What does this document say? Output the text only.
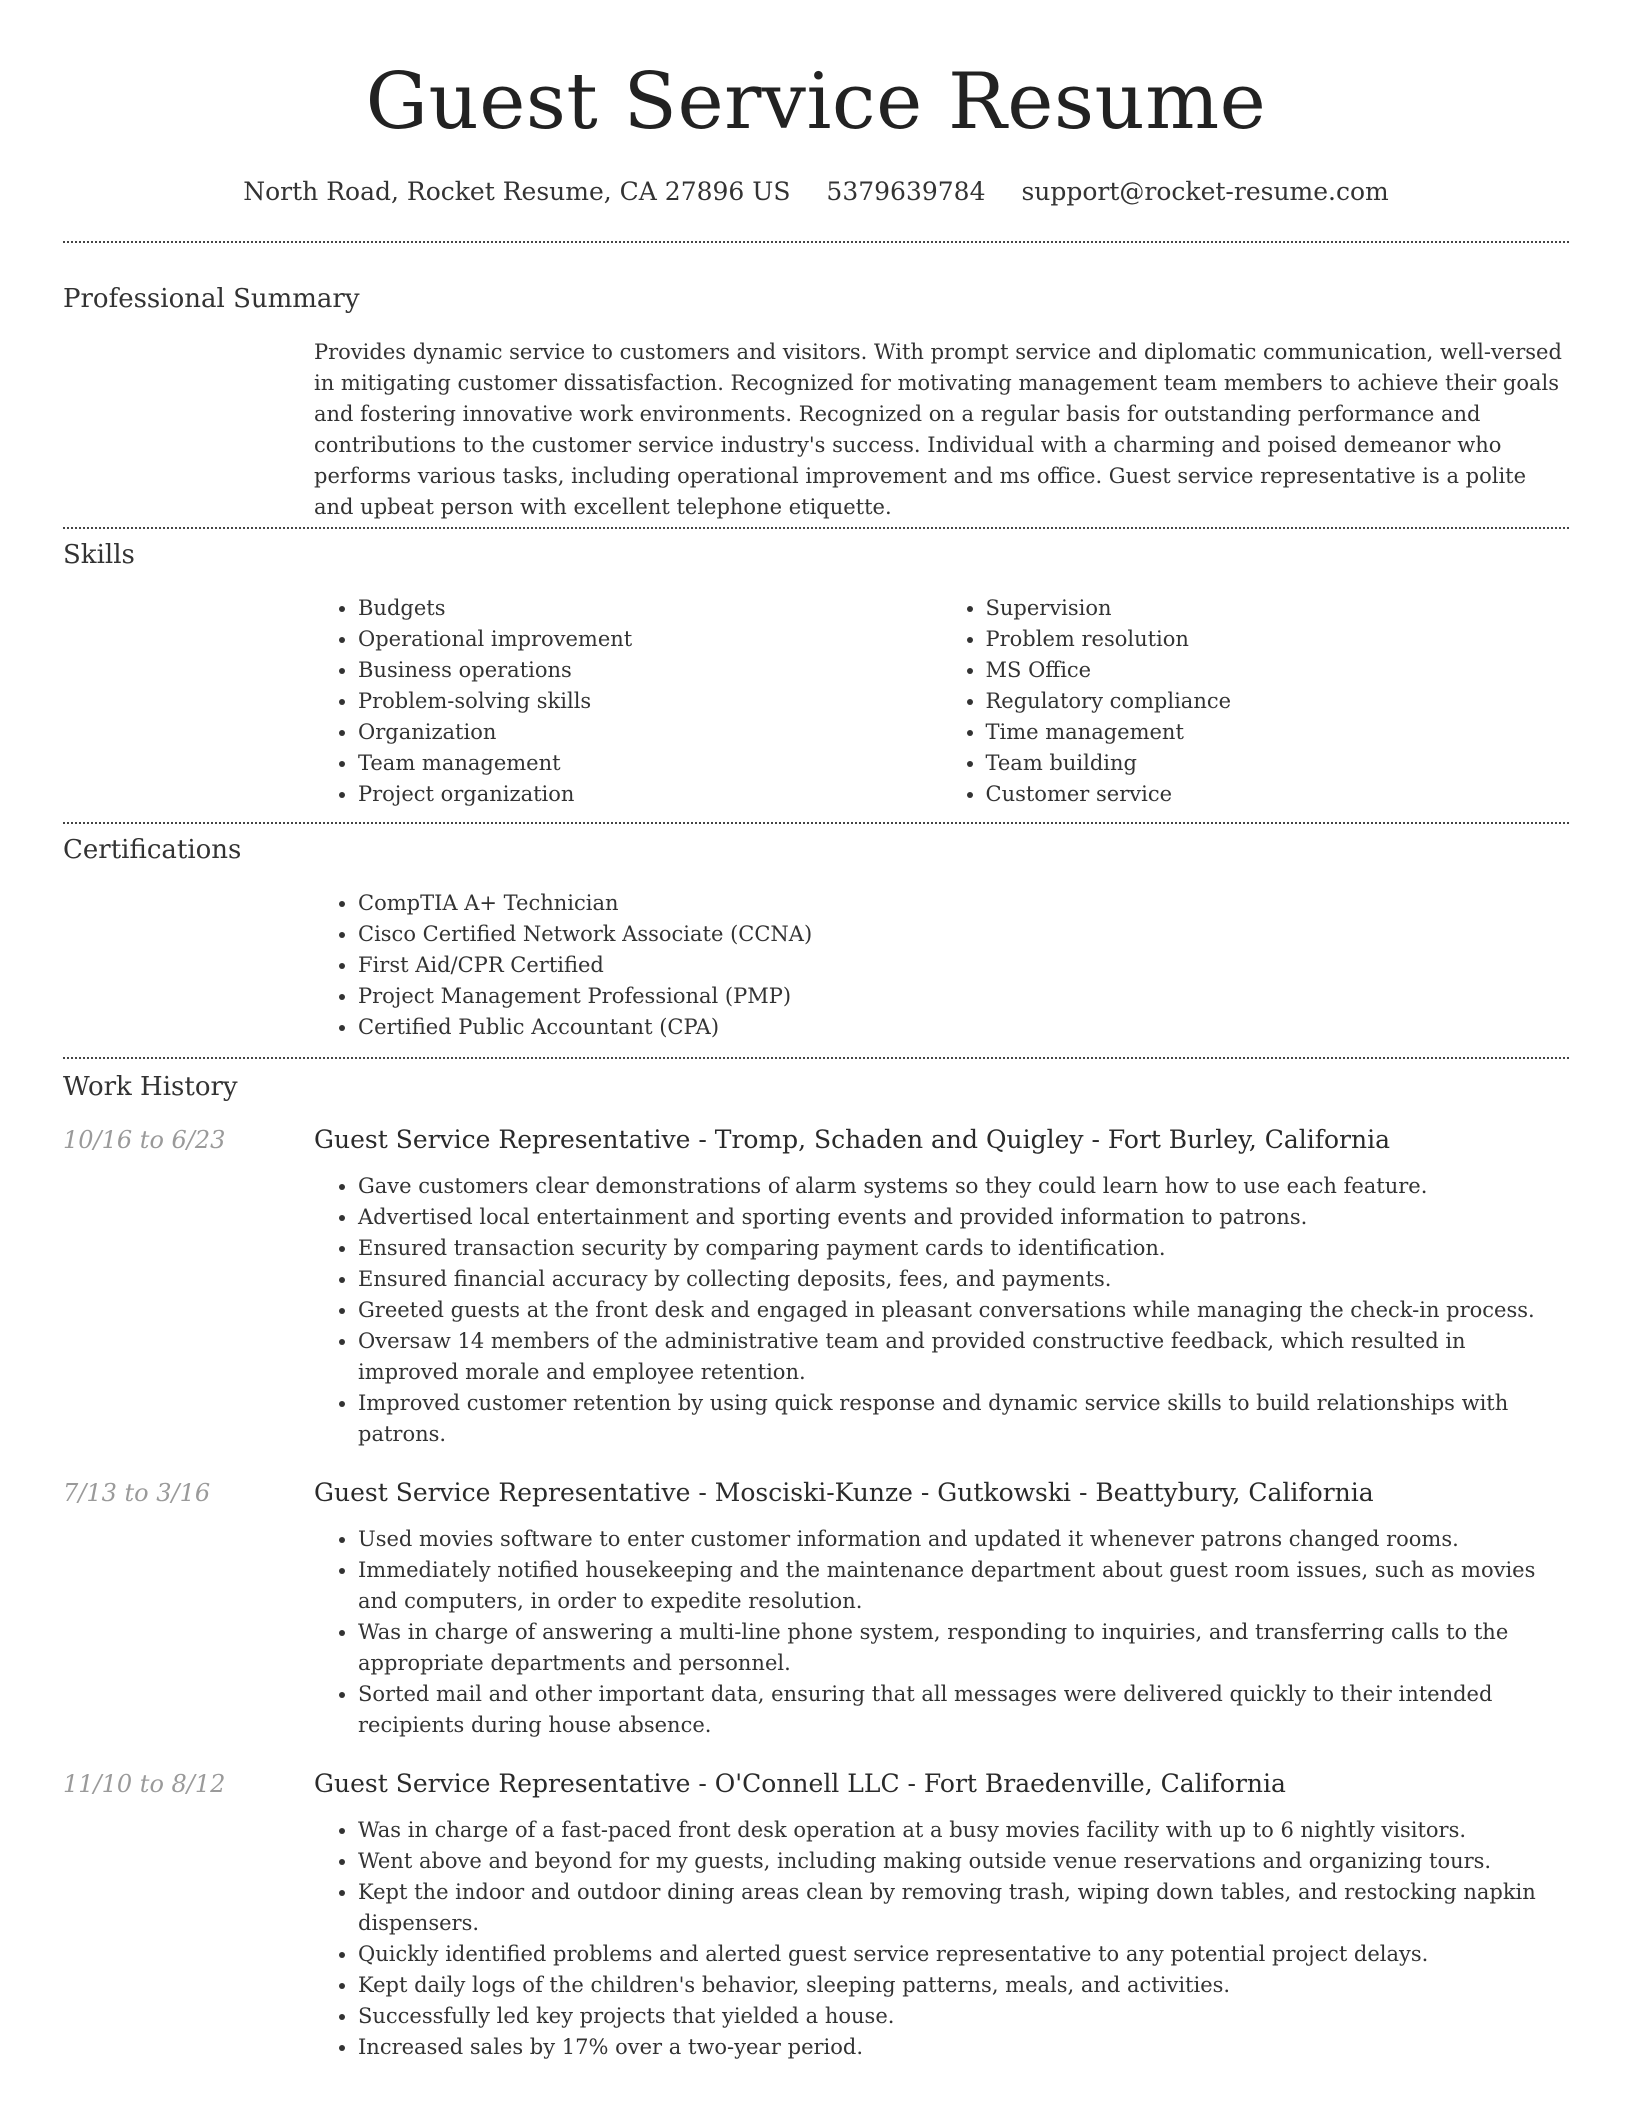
Guest Service Resume
North Road, Rocket Resume, CA 27896 US 5379639784 support@rocket-resume.com
Professional Summary

Provides dynamic service to customers and visitors. With prompt service and diplomatic communication, well-versed in mitigating customer dissatisfaction. Recognized for motivating management team members to achieve their goals and fostering innovative work environments. Recognized on a regular basis for outstanding performance and contributions to the customer service industry's success. Individual with a charming and poised demeanor who performs various tasks, including operational improvement and ms office. Guest service representative is a polite and upbeat person with excellent telephone etiquette.

Skills
• Budgets
• Operational improvement
• Business operations
• Problem-solving skills
• Organization
• Team management
• Project organization
• Supervision
• Problem resolution
• MS Office
• Regulatory compliance
• Time management
• Team building
• Customer service
Certifications
• CompTIA A+ Technician
• Cisco Certified Network Associate (CCNA)
• First Aid/CPR Certified
• Project Management Professional (PMP)
• Certified Public Accountant (CPA)
Work History
10/16 to 6/23	Guest Service Representative - Tromp, Schaden and Quigley - Fort Burley, California
• Gave customers clear demonstrations of alarm systems so they could learn how to use each feature.
• Advertised local entertainment and sporting events and provided information to patrons.
• Ensured transaction security by comparing payment cards to identification.
• Ensured financial accuracy by collecting deposits, fees, and payments.
• Greeted guests at the front desk and engaged in pleasant conversations while managing the check-in process.
• Oversaw 14 members of the administrative team and provided constructive feedback, which resulted in improved morale and employee retention.
• Improved customer retention by using quick response and dynamic service skills to build relationships with patrons.
7/13 to 3/16	Guest Service Representative - Mosciski-Kunze - Gutkowski - Beattybury, California
• Used movies software to enter customer information and updated it whenever patrons changed rooms.
• Immediately notified housekeeping and the maintenance department about guest room issues, such as movies and computers, in order to expedite resolution.
• Was in charge of answering a multi-line phone system, responding to inquiries, and transferring calls to the appropriate departments and personnel.
• Sorted mail and other important data, ensuring that all messages were delivered quickly to their intended recipients during house absence.
11/10 to 8/12	Guest Service Representative - O'Connell LLC - Fort Braedenville, California
• Was in charge of a fast-paced front desk operation at a busy movies facility with up to 6 nightly visitors.
• Went above and beyond for my guests, including making outside venue reservations and organizing tours.
• Kept the indoor and outdoor dining areas clean by removing trash, wiping down tables, and restocking napkin dispensers.
• Quickly identified problems and alerted guest service representative to any potential project delays.
• Kept daily logs of the children's behavior, sleeping patterns, meals, and activities.
• Successfully led key projects that yielded a house.
• Increased sales by 17% over a two-year period.
